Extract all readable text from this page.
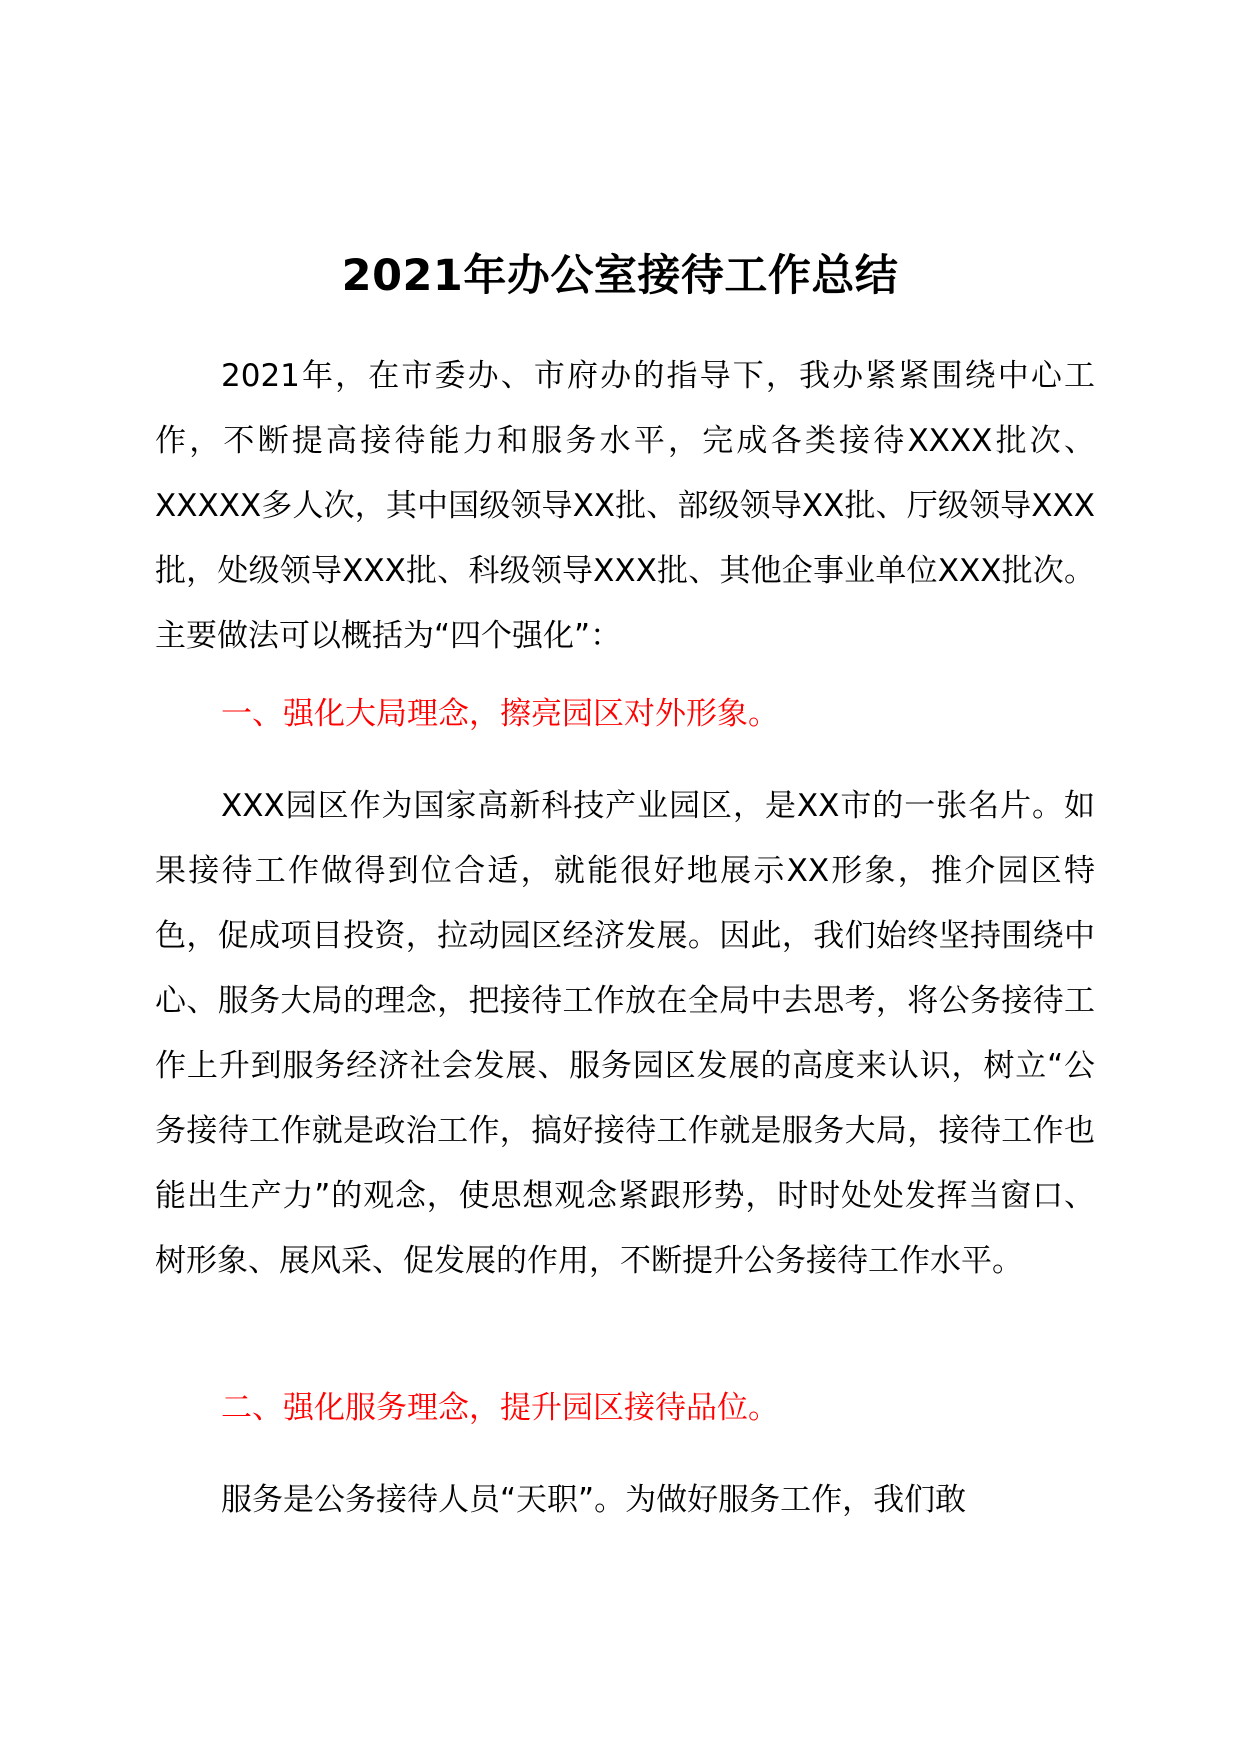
2021年办公室接待工作总结

2021年，在市委办、市府办的指导下，我办紧紧围绕中心工作，不断提高接待能力和服务水平，完成各类接待XXXX批次、XXXXX多人次，其中国级领导XX批、部级领导XX批、厅级领导XXX批，处级领导XXX批、科级领导XXX批、其他企事业单位XXX批次。主要做法可以概括为“四个强化”：

一、强化大局理念，擦亮园区对外形象。

XXX园区作为国家高新科技产业园区，是XX市的一张名片。如果接待工作做得到位合适，就能很好地展示XX形象，推介园区特色，促成项目投资，拉动园区经济发展。因此，我们始终坚持围绕中心、服务大局的理念，把接待工作放在全局中去思考，将公务接待工作上升到服务经济社会发展、服务园区发展的高度来认识，树立“公务接待工作就是政治工作，搞好接待工作就是服务大局，接待工作也能出生产力”的观念，使思想观念紧跟形势，时时处处发挥当窗口、树形象、展风采、促发展的作用，不断提升公务接待工作水平。

二、强化服务理念，提升园区接待品位。

服务是公务接待人员“天职”。为做好服务工作，我们敢
